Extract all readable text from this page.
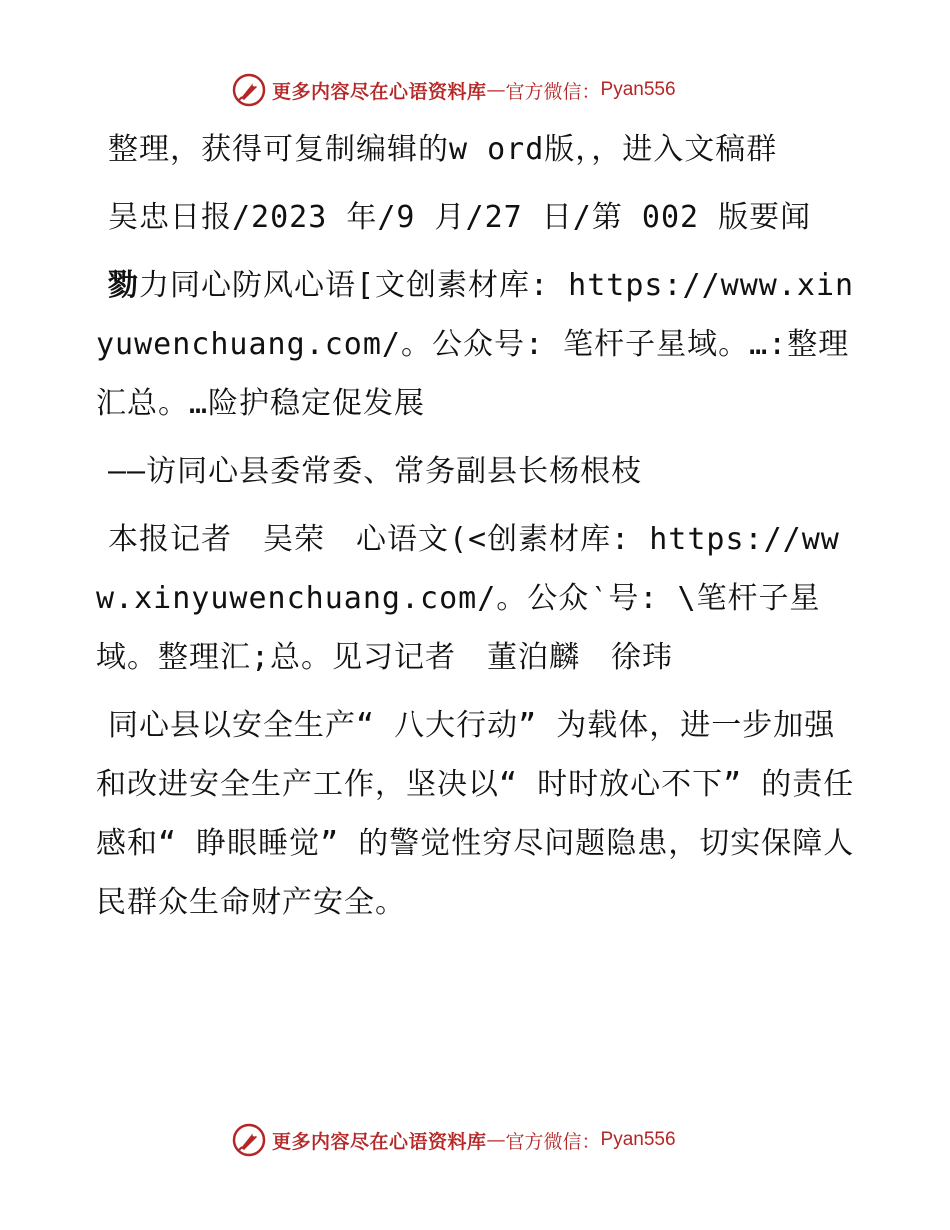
更多内容尽在心语资料库 — 官方微信： Pyan556

整理，获得可复制编辑的w ord版，，进入文稿群

吴忠日报/2023 年/9 月/27 日/第 002 版要闻

勠力同心防风心语[文创素材库: https://www.xinyuwenchuang.com/。公众号: 笔杆子星域。…:整理汇总。…险护稳定促发展

——访同心县委常委、常务副县长杨根枝

本报记者　吴荣　心语文(<创素材库: https://www.xinyuwenchuang.com/。公众‵号: \笔杆子星域。整理汇;总。见习记者　董泊麟　徐玮

同心县以安全生产“ 八大行动” 为载体，进一步加强和改进安全生产工作，坚决以“ 时时放心不下” 的责任感和“ 睁眼睡觉” 的警觉性穷尽问题隐患，切实保障人民群众生命财产安全。

更多内容尽在心语资料库 — 官方微信： Pyan556
